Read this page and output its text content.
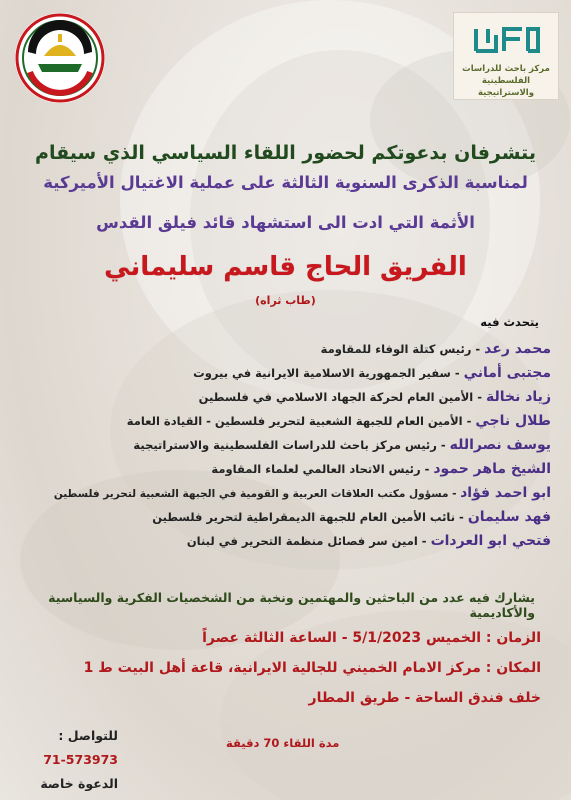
مركز باحث للدراسات
الفلسطينية والاستراتيجية
يتشرفان بدعوتكم لحضور اللقاء السياسي الذي سيقام
لمناسبة الذكرى السنوية الثالثة على عملية الاغتيال الأميركية
الأثمة التي ادت الى استشهاد قائد فيلق القدس
الفريق الحاج قاسم سليماني
(طاب ثراه)
يتحدث فيه
محمد رعد - رئيس كتلة الوفاء للمقاومة
مجتبى أماني - سفير الجمهورية الاسلامية الايرانية في بيروت
زياد نخالة - الأمين العام لحركة الجهاد الاسلامي في فلسطين
طلال ناجي - الأمين العام للجبهة الشعبية لتحرير فلسطين - القيادة العامة
يوسف نصرالله - رئيس مركز باحث للدراسات الفلسطينية والاستراتيجية
الشيخ ماهر حمود - رئيس الاتحاد العالمي لعلماء المقاومة
ابو احمد فؤاد - مسؤول مكتب العلاقات العربية و القومية في الجبهة الشعبية لتحرير فلسطين
فهد سليمان - نائب الأمين العام للجبهة الديمقراطية لتحرير فلسطين
فتحي ابو العردات - امين سر فصائل منظمة التحرير في لبنان
يشارك فيه عدد من الباحثين والمهتمين ونخبة من الشخصيات الفكرية والسياسية والأكاديمية
الزمان : الخميس 5/1/2023 - الساعة الثالثة عصراً
المكان : مركز الامام الخميني للجالية الايرانية، قاعة أهل البيت ط 1
خلف فندق الساحة - طريق المطار
للتواصل :
71-573973
الدعوة خاصة
مدة اللقاء 70 دقيقة
